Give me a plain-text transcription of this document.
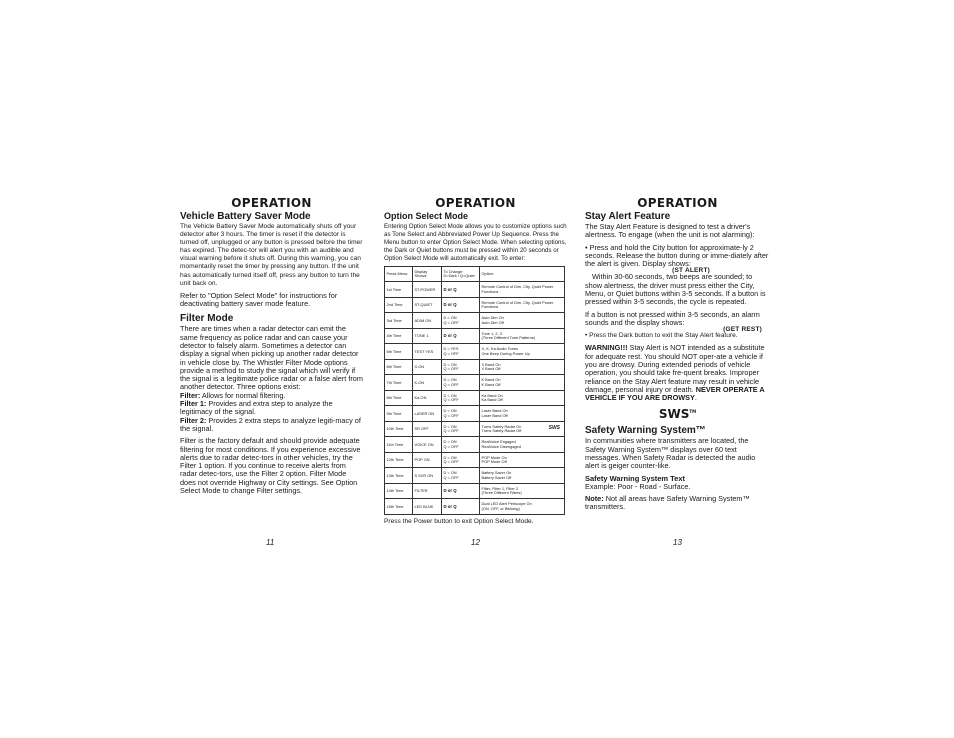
OPERATION
Vehicle Battery Saver Mode

The Vehicle Battery Saver Mode automatically shuts off your detector after 3 hours. The timer is reset if the detector is turned off, unplugged or any button is pressed before the timer has expired. The detec-tor will alert you with an audible and visual warning before it shuts off. During this warning, you can momentarily reset the timer by pressing any button. If the unit has automatically turned itself off, press any button to turn the unit back on.

Refer to "Option Select Mode" for instructions for deactivating battery saver mode feature.

Filter Mode

There are times when a radar detector can emit the same frequency as police radar and can cause your detector to falsely alarm. Sometimes a detector can display a signal when picking up another radar detector in vehicle close by. The Whistler Filter Mode options provide a method to study the signal which will verify if the signal is a legitimate police radar or a false alert from another detector. Three options exist:

Filter: Allows for normal filtering.

Filter 1: Provides and extra step to analyze the legitimacy of the signal.

Filter 2: Provides 2 extra steps to analyze legiti-macy of the signal.

Filter is the factory default and should provide adequate filtering for most conditions. If you experience excessive alerts due to radar detec-tors in other vehicles, try the Filter 1 option. If you continue to receive alerts from radar detec-tors, use the Filter 2 option. Filter Mode does not override Highway or City settings. See Option Select Mode to change Filter settings.

11
OPERATION
Option Select Mode

Entering Option Select Mode allows you to customize options such as Tone Select and Abbreviated Power Up Sequence. Press the Menu button to enter Option Select Mode. When selecting options, the Dark or Quiet buttons must be pressed within 20 seconds or Option Select Mode will automatically exit. To enter:

Press Menu:	Display Shows:	To Change: D=Dark / Q=Quiet	Option:
1st Time	ST-POWER	D or Q	Remote Control of Dim, City, Quiet Power Functions
2nd Time	ST-QUIET	D or Q	Remote Control of Dim, City, Quiet Power Functions
3rd Time	ADIM ON	D = ON
Q = OFF	Auto Dim On
Auto Dim Off
4th Time	TONE 1	D or Q	Tone 1, 2, 3
(Three Different Tone Patterns)
5th Time	TEST YES	D = YES
Q = OFF	X, K, Ka Audio Tones
One Beep During Power Up
6th Time	X-ON	D = ON
Q = OFF	X Band On
X Band Off
7th Time	K-ON	D = ON
Q = OFF	K Band On
K Band Off
8th Time	Ka-ON	D = ON
Q = OFF	Ka Band On
Ka Band Off
9th Time	LASER ON	D = ON
Q = OFF	Laser Band On
Laser Band Off
10th Time	SR OFF	D = ON
Q = OFF	Turns Safety Radar On
Turns Safety Radar Off SWS

11th Time	VOICE ON	D = ON
Q = OFF	RealVoice Engaged
RealVoice Disengaged
12th Time	POP ON	D = ON
Q = OFF	POP Mode On
POP Mode Off
13th Time	S SVR ON	D = ON
Q = OFF	Battery Saver On
Battery Saver Off
14th Time	FILTER	D or Q	Filter, Filter 1, Filter 2
(Three Different Filters)
15th Time	LED BLNK	D or Q	Dual LED Alert Periscope On
(ON, OFF, or Blinking)
Press the Power button to exit Option Select Mode.
12
OPERATION
Stay Alert Feature

The Stay Alert Feature is designed to test a driver's alertness. To engage (when the unit is not alarming):

• Press and hold the City button for approximate-ly 2 seconds. Release the button during or imme-diately after the alert is given. Display shows:

(ST ALERT)

Within 30-60 seconds, two beeps are sounded; to show alertness, the driver must press either the City, Menu, or Quiet buttons within 3-5 seconds. If a button is pressed within 3-5 seconds, the cycle is repeated.

If a button is not pressed within 3-5 seconds, an alarm sounds and the display shows:

(GET REST)

• Press the Dark button to exit the Stay Alert feature.

WARNING!!! Stay Alert is NOT intended as a substitute for adequate rest. You should NOT oper-ate a vehicle if you are drowsy. During extended periods of vehicle operation, you should take fre-quent breaks. Improper reliance on the Stay Alert feature may result in vehicle damage, personal injury or death. NEVER OPERATE A VEHICLE IF YOU ARE DROWSY.

SWS™
Safety Warning System™

In communities where transmitters are located, the Safety Warning System™ displays over 60 text messages. When Safety Radar is detected the audio alert is geiger counter-like.

Safety Warning System Text

Example: Poor - Road - Surface.

Note: Not all areas have Safety Warning System™ transmitters.

13
